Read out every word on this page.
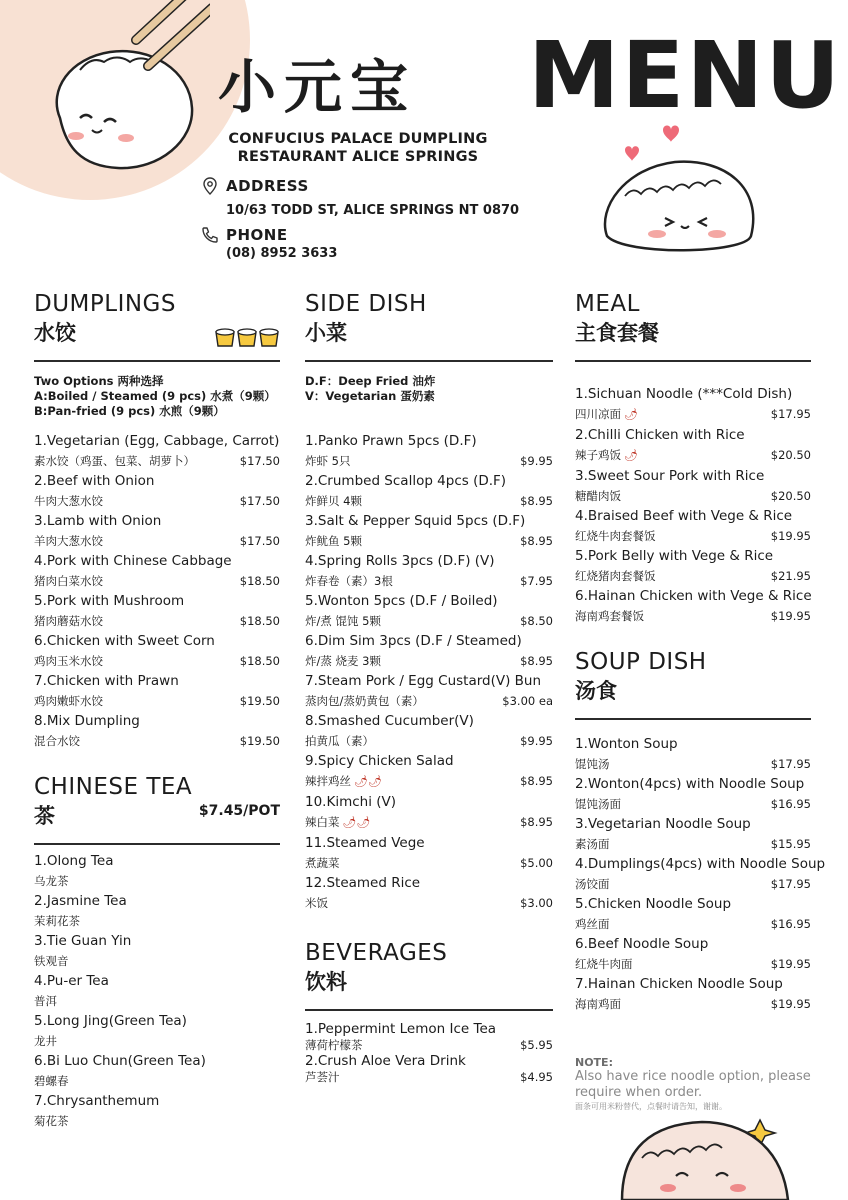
小元宝 MENU
CONFUCIUS PALACE DUMPLING
RESTAURANT ALICE SPRINGS
ADDRESS
10/63 TODD ST, ALICE SPRINGS NT 0870
PHONE
(08) 8952 3633
DUMPLINGS
水饺
Two Options 两种选择
A:Boiled / Steamed (9 pcs) 水煮（9颗）
B:Pan-fried (9 pcs) 水煎（9颗）
1.Vegetarian (Egg, Cabbage, Carrot)
素水饺（鸡蛋、包菜、胡萝卜）	$17.50
2.Beef with Onion
牛肉大葱水饺	$17.50
3.Lamb with Onion
羊肉大葱水饺	$17.50
4.Pork with Chinese Cabbage
猪肉白菜水饺	$18.50
5.Pork with Mushroom
猪肉蘑菇水饺	$18.50
6.Chicken with Sweet Corn
鸡肉玉米水饺	$18.50
7.Chicken with Prawn
鸡肉嫩虾水饺	$19.50
8.Mix Dumpling
混合水饺	$19.50
CHINESE TEA
茶	$7.45/POT
1.Olong Tea
乌龙茶
2.Jasmine Tea
茉莉花茶
3.Tie Guan Yin
铁观音
4.Pu-er Tea
普洱
5.Long Jing(Green Tea)
龙井
6.Bi Luo Chun(Green Tea)
碧螺春
7.Chrysanthemum
菊花茶
SIDE DISH
小菜
D.F：Deep Fried 油炸
V：Vegetarian 蛋奶素
1.Panko Prawn 5pcs (D.F)
炸虾 5只	$9.95
2.Crumbed Scallop 4pcs (D.F)
炸鲜贝 4颗	$8.95
3.Salt & Pepper Squid 5pcs (D.F)
炸鱿鱼 5颗	$8.95
4.Spring Rolls 3pcs (D.F) (V)
炸春卷（素）3根	$7.95
5.Wonton 5pcs (D.F / Boiled)
炸/煮 馄饨 5颗	$8.50
6.Dim Sim 3pcs (D.F / Steamed)
炸/蒸 烧麦 3颗	$8.95
7.Steam Pork / Egg Custard(V) Bun
蒸肉包/蒸奶黄包（素）	$3.00 ea
8.Smashed Cucumber(V)
拍黄瓜（素）	$9.95
9.Spicy Chicken Salad
辣拌鸡丝 🌶🌶	$8.95
10.Kimchi (V)
辣白菜 🌶🌶	$8.95
11.Steamed Vege
煮蔬菜	$5.00
12.Steamed Rice
米饭	$3.00
BEVERAGES
饮料
1.Peppermint Lemon Ice Tea
薄荷柠檬茶	$5.95
2.Crush Aloe Vera Drink
芦荟汁	$4.95
MEAL
主食套餐
1.Sichuan Noodle (***Cold Dish)
四川凉面 🌶	$17.95
2.Chilli Chicken with Rice
辣子鸡饭 🌶	$20.50
3.Sweet Sour Pork with Rice
糖醋肉饭	$20.50
4.Braised Beef with Vege & Rice
红烧牛肉套餐饭	$19.95
5.Pork Belly with Vege & Rice
红烧猪肉套餐饭	$21.95
6.Hainan Chicken with Vege & Rice
海南鸡套餐饭	$19.95
SOUP DISH
汤食
1.Wonton Soup
馄饨汤	$17.95
2.Wonton(4pcs) with Noodle Soup
馄饨汤面	$16.95
3.Vegetarian Noodle Soup
素汤面	$15.95
4.Dumplings(4pcs) with Noodle Soup
汤饺面	$17.95
5.Chicken Noodle Soup
鸡丝面	$16.95
6.Beef Noodle Soup
红烧牛肉面	$19.95
7.Hainan Chicken Noodle Soup
海南鸡面	$19.95
NOTE:
Also have rice noodle option, please require when order.
面条可用米粉替代，点餐时请告知，谢谢。
